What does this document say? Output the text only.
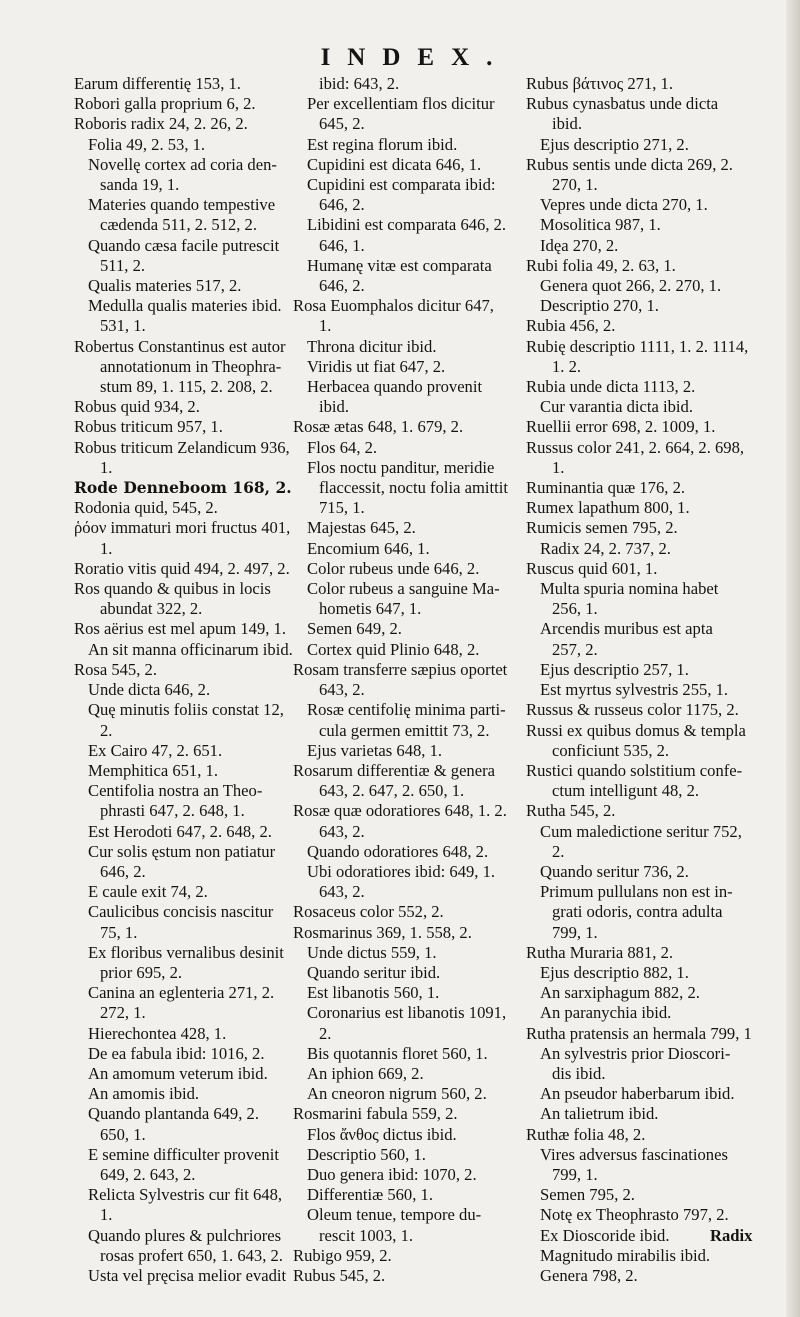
INDEX.

Earum differentię 153, 1.

Robori galla proprium 6, 2.

Roboris radix 24, 2. 26, 2.

Folia 49, 2. 53, 1.

Novellę cortex ad coria den-

sanda 19, 1.

Materies quando tempestive

cædenda 511, 2. 512, 2.

Quando cæsa facile putrescit

511, 2.

Qualis materies 517, 2.

Medulla qualis materies ibid.

531, 1.

Robertus Constantinus est autor

annotationum in Theophra-

stum 89, 1. 115, 2. 208, 2.

Robus quid 934, 2.

Robus triticum 957, 1.

Robus triticum Zelandicum 936,

1.

Rode Denneboom 168, 2.

Rodonia quid, 545, 2.

ῥόον immaturi mori fructus 401,

1.

Roratio vitis quid 494, 2. 497, 2.

Ros quando & quibus in locis

abundat 322, 2.

Ros aërius est mel apum 149, 1.

An sit manna officinarum ibid.

Rosa 545, 2.

Unde dicta 646, 2.

Quę minutis foliis constat 12,

2.

Ex Cairo 47, 2. 651.

Memphitica 651, 1.

Centifolia nostra an Theo-

phrasti 647, 2. 648, 1.

Est Herodoti 647, 2. 648, 2.

Cur solis ęstum non patiatur

646, 2.

E caule exit 74, 2.

Caulicibus concisis nascitur

75, 1.

Ex floribus vernalibus desinit

prior 695, 2.

Canina an eglenteria 271, 2.

272, 1.

Hierechontea 428, 1.

De ea fabula ibid: 1016, 2.

An amomum veterum ibid.

An amomis ibid.

Quando plantanda 649, 2.

650, 1.

E semine difficulter provenit

649, 2. 643, 2.

Relicta Sylvestris cur fit 648,

1.

Quando plures & pulchriores

rosas profert 650, 1. 643, 2.

Usta vel pręcisa melior evadit

ibid: 643, 2.

Per excellentiam flos dicitur

645, 2.

Est regina florum ibid.

Cupidini est dicata 646, 1.

Cupidini est comparata ibid:

646, 2.

Libidini est comparata 646, 2.

646, 1.

Humanę vitæ est comparata

646, 2.

Rosa Euomphalos dicitur 647,

1.

Throna dicitur ibid.

Viridis ut fiat 647, 2.

Herbacea quando provenit

ibid.

Rosæ ætas 648, 1. 679, 2.

Flos 64, 2.

Flos noctu panditur, meridie

flaccessit, noctu folia amittit

715, 1.

Majestas 645, 2.

Encomium 646, 1.

Color rubeus unde 646, 2.

Color rubeus a sanguine Ma-

hometis 647, 1.

Semen 649, 2.

Cortex quid Plinio 648, 2.

Rosam transferre sæpius oportet

643, 2.

Rosæ centifolię minima parti-

cula germen emittit 73, 2.

Ejus varietas 648, 1.

Rosarum differentiæ & genera

643, 2. 647, 2. 650, 1.

Rosæ quæ odoratiores 648, 1. 2.

643, 2.

Quando odoratiores 648, 2.

Ubi odoratiores ibid: 649, 1.

643, 2.

Rosaceus color 552, 2.

Rosmarinus 369, 1. 558, 2.

Unde dictus 559, 1.

Quando seritur ibid.

Est libanotis 560, 1.

Coronarius est libanotis 1091,

2.

Bis quotannis floret 560, 1.

An iphion 669, 2.

An cneoron nigrum 560, 2.

Rosmarini fabula 559, 2.

Flos ἄνθος dictus ibid.

Descriptio 560, 1.

Duo genera ibid: 1070, 2.

Differentiæ 560, 1.

Oleum tenue, tempore du-

rescit 1003, 1.

Rubigo 959, 2.

Rubus 545, 2.

Rubus βάτινος 271, 1.

Rubus cynasbatus unde dicta

ibid.

Ejus descriptio 271, 2.

Rubus sentis unde dicta 269, 2.

270, 1.

Vepres unde dicta 270, 1.

Mosolitica 987, 1.

Idęa 270, 2.

Rubi folia 49, 2. 63, 1.

Genera quot 266, 2. 270, 1.

Descriptio 270, 1.

Rubia 456, 2.

Rubię descriptio 1111, 1. 2. 1114,

1. 2.

Rubia unde dicta 1113, 2.

Cur varantia dicta ibid.

Ruellii error 698, 2. 1009, 1.

Russus color 241, 2. 664, 2. 698,

1.

Ruminantia quæ 176, 2.

Rumex lapathum 800, 1.

Rumicis semen 795, 2.

Radix 24, 2. 737, 2.

Ruscus quid 601, 1.

Multa spuria nomina habet

256, 1.

Arcendis muribus est apta

257, 2.

Ejus descriptio 257, 1.

Est myrtus sylvestris 255, 1.

Russus & russeus color 1175, 2.

Russi ex quibus domus & templa

conficiunt 535, 2.

Rustici quando solstitium confe-

ctum intelligunt 48, 2.

Rutha 545, 2.

Cum maledictione seritur 752,

2.

Quando seritur 736, 2.

Primum pullulans non est in-

grati odoris, contra adulta

799, 1.

Rutha Muraria 881, 2.

Ejus descriptio 882, 1.

An sarxiphagum 882, 2.

An paranychia ibid.

Rutha pratensis an hermala 799, 1

An sylvestris prior Dioscori-

dis ibid.

An pseudor haberbarum ibid.

An talietrum ibid.

Ruthæ folia 48, 2.

Vires adversus fascinationes

799, 1.

Semen 795, 2.

Notę ex Theophrasto 797, 2.

Ex Dioscoride ibid.

Magnitudo mirabilis ibid.

Genera 798, 2.

Radix
